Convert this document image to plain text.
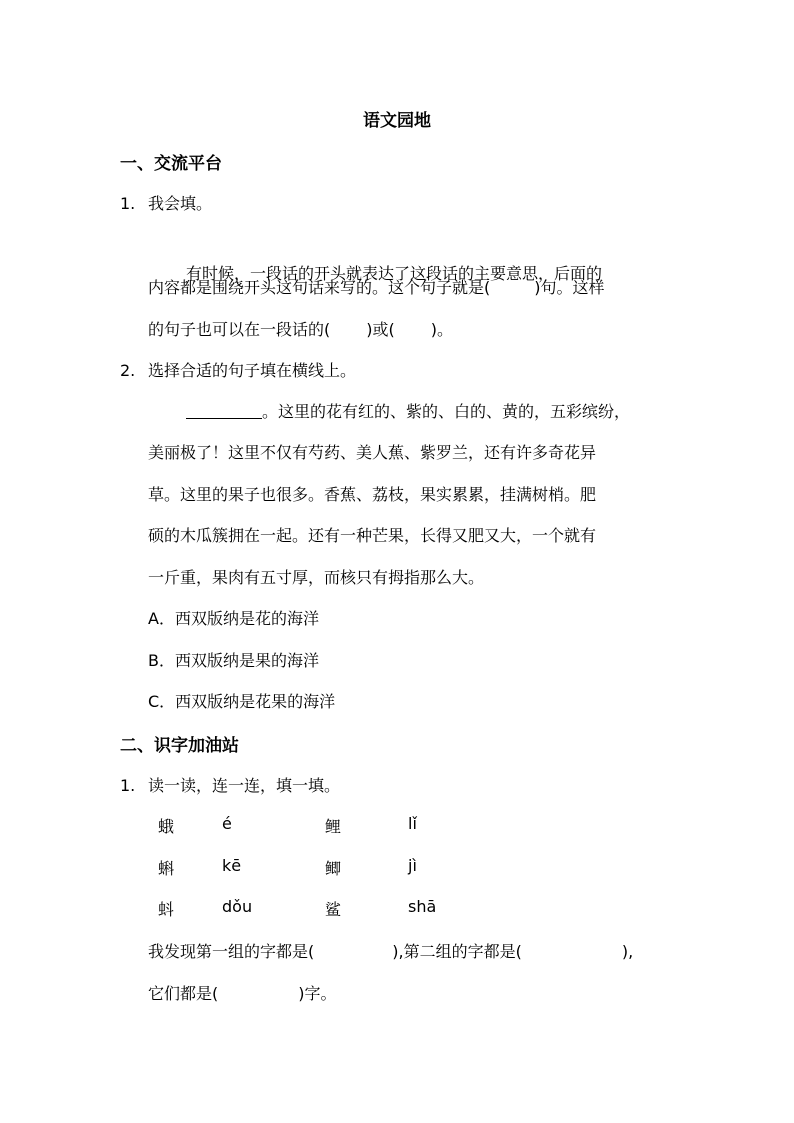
语文园地
一、交流平台
1. 我会填。
有时候，一段话的开头就表达了这段话的主要意思，后面的
内容都是围绕开头这句话来写的。这个句子就是(	)句。这样
的句子也可以在一段话的( )或( )。
2. 选择合适的句子填在横线上。
。这里的花有红的、紫的、白的、黄的，五彩缤纷，
美丽极了！这里不仅有芍药、美人蕉、紫罗兰，还有许多奇花异
草。这里的果子也很多。香蕉、荔枝，果实累累，挂满树梢。肥
硕的木瓜簇拥在一起。还有一种芒果，长得又肥又大，一个就有
一斤重，果肉有五寸厚，而核只有拇指那么大。
A．西双版纳是花的海洋
B．西双版纳是果的海洋
C．西双版纳是花果的海洋
二、识字加油站
1. 读一读，连一连，填一填。
蛾	é	鲤	lǐ
蝌	kē	鲫	jì
蚪	dǒu	鲨	shā
我发现第一组的字都是(	),第二组的字都是(	),
它们都是(	)字。
